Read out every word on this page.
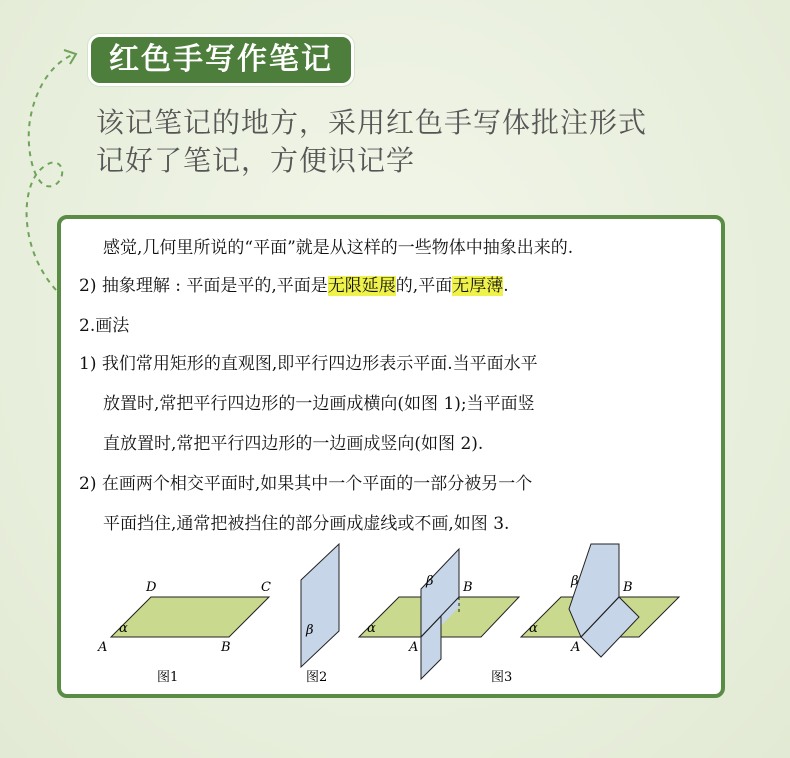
红色手写作笔记
该记笔记的地方，采用红色手写体批注形式
记好了笔记，方便识记学
感觉,几何里所说的“平面”就是从这样的一些物体中抽象出来的.
2) 抽象理解 : 平面是平的,平面是无限延展的,平面无厚薄.
2.画法
1) 我们常用矩形的直观图,即平行四边形表示平面.当平面水平
放置时,常把平行四边形的一边画成横向(如图 1);当平面竖
直放置时,常把平行四边形的一边画成竖向(如图 2).
2) 在画两个相交平面时,如果其中一个平面的一部分被另一个
平面挡住,通常把被挡住的部分画成虚线或不画,如图 3.
D	C
A	B
α
图1
β
图2
β B
A
α
β	B
A
α
图3
